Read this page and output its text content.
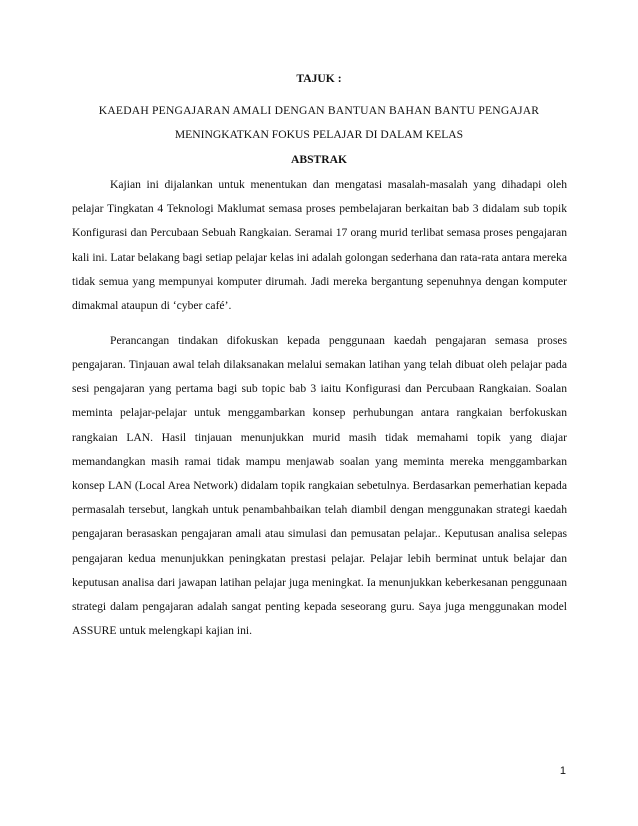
TAJUK :
KAEDAH PENGAJARAN AMALI DENGAN BANTUAN BAHAN BANTU PENGAJAR
MENINGKATKAN FOKUS PELAJAR DI DALAM KELAS
ABSTRAK

Kajian ini dijalankan untuk menentukan dan mengatasi masalah-masalah yang dihadapi oleh pelajar Tingkatan 4 Teknologi Maklumat semasa proses pembelajaran berkaitan bab 3 didalam sub topik Konfigurasi dan Percubaan Sebuah Rangkaian. Seramai 17 orang murid terlibat semasa proses pengajaran kali ini. Latar belakang bagi setiap pelajar kelas ini adalah golongan sederhana dan rata-rata antara mereka tidak semua yang mempunyai komputer dirumah. Jadi mereka bergantung sepenuhnya dengan komputer dimakmal ataupun di ‘cyber café’.

Perancangan tindakan difokuskan kepada penggunaan kaedah pengajaran semasa proses pengajaran. Tinjauan awal telah dilaksanakan melalui semakan latihan yang telah dibuat oleh pelajar pada sesi pengajaran yang pertama bagi sub topic bab 3 iaitu Konfigurasi dan Percubaan Rangkaian. Soalan meminta pelajar-pelajar untuk menggambarkan konsep perhubungan antara rangkaian berfokuskan rangkaian LAN. Hasil tinjauan menunjukkan murid masih tidak memahami topik yang diajar memandangkan masih ramai tidak mampu menjawab soalan yang meminta mereka menggambarkan konsep LAN (Local Area Network) didalam topik rangkaian sebetulnya. Berdasarkan pemerhatian kepada permasalah tersebut, langkah untuk penambahbaikan telah diambil dengan menggunakan strategi kaedah pengajaran berasaskan pengajaran amali atau simulasi dan pemusatan pelajar.. Keputusan analisa selepas pengajaran kedua menunjukkan peningkatan prestasi pelajar. Pelajar lebih berminat untuk belajar dan keputusan analisa dari jawapan latihan pelajar juga meningkat. Ia menunjukkan keberkesanan penggunaan strategi dalam pengajaran adalah sangat penting kepada seseorang guru. Saya juga menggunakan model ASSURE untuk melengkapi kajian ini.

1
